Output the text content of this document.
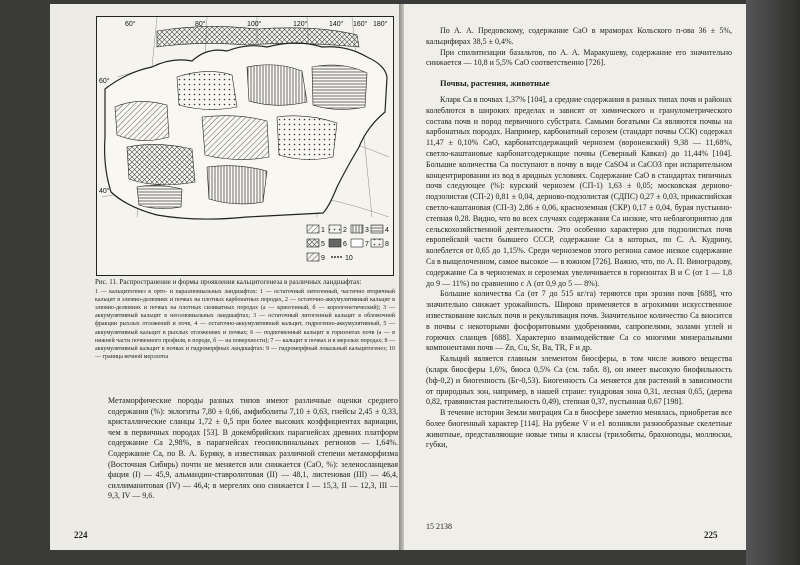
60°	80°	100°	120°	140° 160° 180°
60°
40°
1	2	3 4
5	6	7 8
9	10
Рис. 11. Распространение и формы проявления кальцитогенеза в различных ландшафтах:
1 — кальцитогенез в орто- и параэлювиальных ландшафтах: 1 — остаточный литогенный, частично вторичный кальцит в элювио-делювиях и почвах на плотных карбонатных породах, 2 — остаточно-аккумулятивный кальцит в элювио-делювиях и почвах на плотных силикатных породах (а — криогенный, б — короогенетический); 3 — аккумулятивный кальцит в неоэлювиальных ландшафтах; 3 — остаточный литогенный кальцит в обломочной фракции рыхлых отложений и почв, 4 — остаточно-аккумулятивный кальцит, гидрогенно-аккумулятивный, 5 — аккумулятивный кальцит в рыхлых отложениях и почвах; 6 — подпочвенный кальцит в горизонтах почв (а — в нижней части почвенного профиля, в породе, б — на поверхности); 7 — кальцит в почвах и в мерзлых породах; 8 — аккумулятивный кальцит в почвах и гидроморфных ландшафтах: 9 — гидроморфный локальный кальцитогенез; 10 — граница вечной мерзлоты
Метаморфические породы разных типов имеют различные оценки среднего содержания (%): эклогиты 7,80 ± 0,66, амфиболиты 7,10 ± 0,63, гнейсы 2,45 ± 0,33, кристаллические сланцы 1,72 ± 0,5 при более высоких коэффициентах вариации, чем в первичных породах [53]. В докембрийских парагнейсах древних платформ содержание Са 2,98%, в парагнейсах геосинклинальных регионов — 1,64%. Содержание Са, по В. А. Буряку, в известняках различной степени метаморфизма (Восточная Сибирь) почти не меняется или снижается (СаО, %): зеленосланцевая фация (I) — 45,9, альмандин-ставролитовая (II) — 48,1, листеновая (III) — 46,4, силлиманитовая (IV) — 46,4; в мергелях оно снижается I — 15,3, II — 12,3, III — 9,3, IV — 9,6.
224

По А. А. Предовскому, содержание СаО в мраморах Кольского п-ова 36 ± 5%, кальцифирах 38,5 ± 0,4%.

При спилитизации базальтов, по А. А. Маракушеву, содержание его значительно снижается — 10,8 и 5,5% СаО соответственно [726].

Почвы, растения, животные

Кларк Са в почвах 1,37% [104], а средние содержания в разных типах почв и районах колеблются в широких пределах и зависят от химического и гранулометрического состава почв и пород первичного субстрата. Самыми богатыми Са являются почвы на карбонатных породах. Например, карбонатный серозем (стандарт почвы ССК) содержал 11,47 ± 0,10% СаО, карбонатсодержащий чернозем (воронежский) 9,38 — 11,68%, светло-каштановые карбонатсодержащие почвы (Северный Кавказ) до 11,44% [104]. Большие количества Са поступают в почву в виде CaSO4 и CaCO3 при испарительном концентрировании из вод в аридных условиях. Содержание СаО в стандартах типичных почв следующее (%): курский чернозем (СП-1) 1,63 ± 0,05; московская дерново-подзолистая (СП-2) 0,81 ± 0,04, дерново-подзолистая (СДПС) 0,27 ± 0,03, прикаспийская светло-каштановая (СП-3) 2,86 ± 0,06, красноземная (СКР) 0,17 ± 0,04, бурая пустынно-степная 0,28. Видно, что во всех случаях содержания Са низкие, что неблагоприятно для сельскохозяйственной деятельности. Это особенно характерно для подзолистых почв европейской части бывшего СССР, содержание Са в которых, по С. А. Кудрину, колеблется от 0,65 до 1,15%. Среди черноземов этого региона самое низкое содержание Са в выщелоченном, самое высокое — в южном [726]. Важно, что, по А. П. Виноградову, содержание Са в черноземах и сероземах увеличивается в горизонтах В и С (от 1 — 1,8 до 9 — 11%) по сравнению с А (от 0,9 до 5 — 8%).

Большие количества Са (от 7 до 515 кг/га) теряются при эрозии почв [688], что значительно снижает урожайность. Широко применяется в агрохимии искусственное известкование кислых почв и рекультивация почв. Значительное количество Са вносится в почвы с некоторыми фосфоритовыми удобрениями, сапропелями, золами углей и горючих сланцев [688]. Характерно взаимодействие Са со многими минеральными компонентами почв — Zn, Cu, Sr, Ba, TR, F и др.

Кальций является главным элементом биосферы, в том числе живого вещества (кларк биосферы 1,6%, биоса 0,5% Са (см. табл. 8), он имеет высокую биофильность (bф-0,2) и биогенность (Бг-0,53). Биогенность Са меняется для растений в зависимости от природных зон, например, в нашей стране: тундровая зона 0,31, лесная 0,65, (дерева 0,82, травянистая растительность 0,49), степная 0,37, пустынная 0,67 [198].

В течение истории Земли миграция Са в биосфере заметно менялась, приобретая все более биогенный характер [114]. На рубеже V и е1 возникли разнообразные скелетные животные, представляющие новые типы и классы (трилобиты, брахиоподы, моллюски, губки,

15 2138
225
